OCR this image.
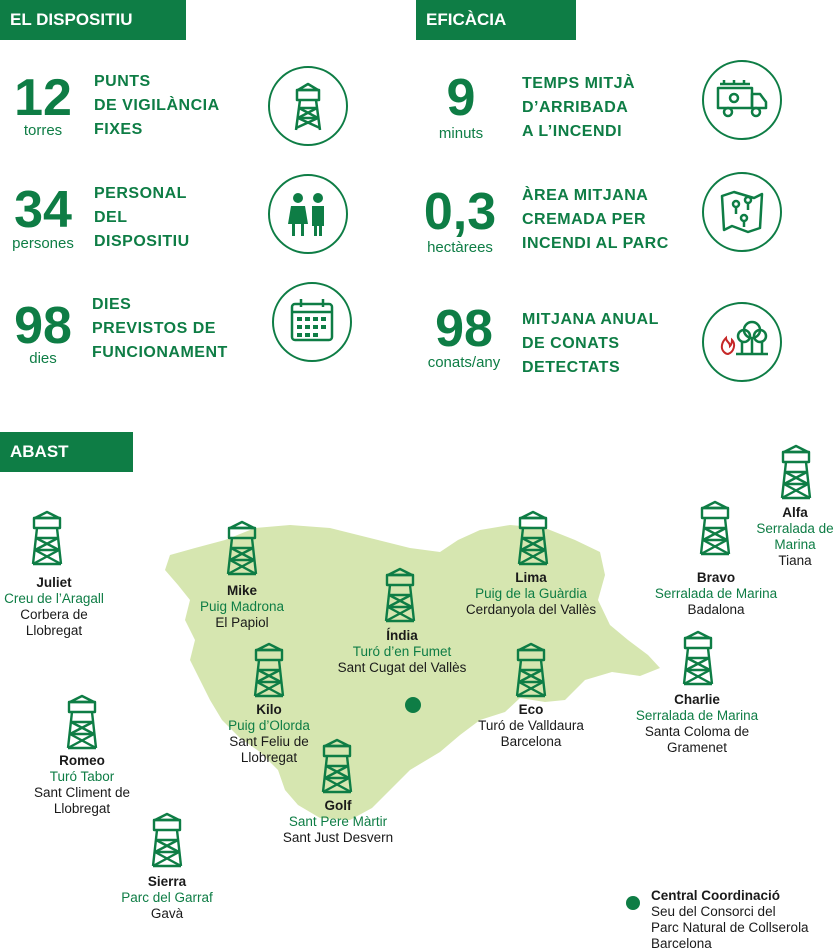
EL DISPOSITIU	EFICÀCIA
ABAST
12
torres
PUNTS
DE VIGILÀNCIA
FIXES
34
persones
PERSONAL
DEL
DISPOSITIU
98
dies
DIES
PREVISTOS DE
FUNCIONAMENT
9
minuts
TEMPS MITJÀ
D’ARRIBADA
A L’INCENDI
0,3
hectàrees
ÀREA MITJANA
CREMADA PER
INCENDI AL PARC
98
conats/any
MITJANA ANUAL
DE CONATS
DETECTATS
Juliet
Creu de l’Aragall
Corbera de
Llobregat
Mike
Puig Madrona
El Papiol
Índia
Turó d’en Fumet
Sant Cugat del Vallès
Lima
Puig de la Guàrdia
Cerdanyola del Vallès
Bravo
Serralada de Marina
Badalona
Alfa
Serralada de
Marina
Tiana
Kilo
Puig d’Olorda
Sant Feliu de
Llobregat
Eco
Turó de Valldaura
Barcelona
Charlie
Serralada de Marina
Santa Coloma de
Gramenet
Romeo
Turó Tabor
Sant Climent de
Llobregat	Golf
Sant Pere Màrtir
Sant Just Desvern
Sierra
Parc del Garraf
Gavà
Central Coordinació
Seu del Consorci del
Parc Natural de Collserola
Barcelona
